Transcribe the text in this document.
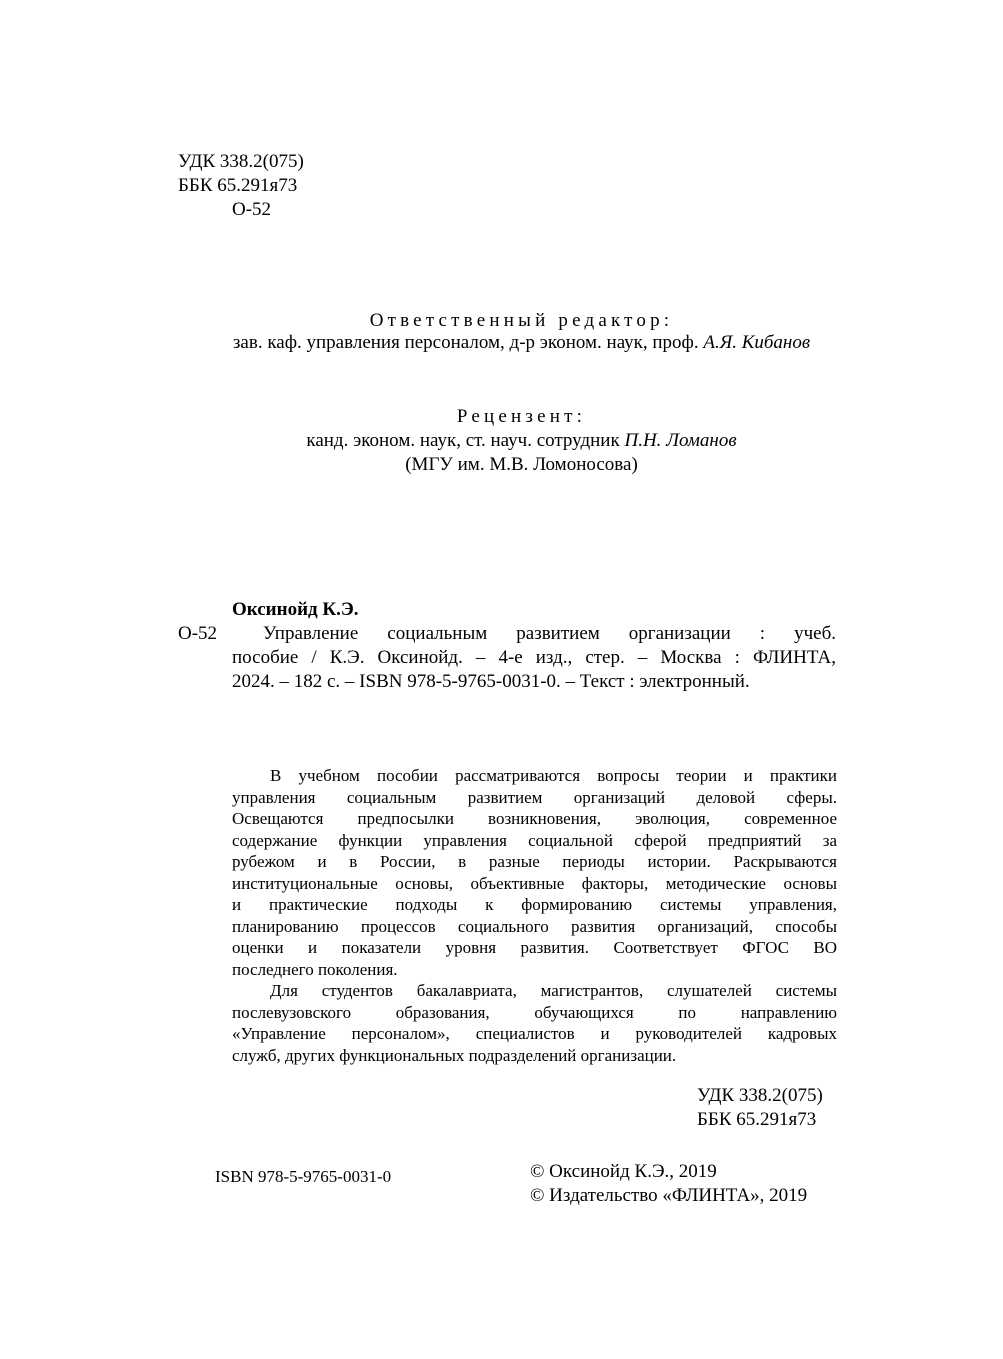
УДК 338.2(075)
ББК 65.291я73
О-52
Ответственный редактор:
зав. каф. управления персоналом, д-р эконом. наук, проф. А.Я. Кибанов
Рецензент:
канд. эконом. наук, ст. науч. сотрудник П.Н. Ломанов
(МГУ им. М.В. Ломоносова)
Оксинойд К.Э.
О-52 Управление социальным развитием организации : учеб.
пособие / К.Э. Оксинойд. – 4-е изд., стер. – Москва : ФЛИНТА,
2024. – 182 с. – ISBN 978-5-9765-0031-0. – Текст : электронный.
В учебном пособии рассматриваются вопросы теории и практики
управления социальным развитием организаций деловой сферы.
Освещаются предпосылки возникновения, эволюция, современное
содержание функции управления социальной сферой предприятий за
рубежом и в России, в разные периоды истории. Раскрываются
институциональные основы, объективные факторы, методические основы
и практические подходы к формированию системы управления,
планированию процессов социального развития организаций, способы
оценки и показатели уровня развития. Соответствует ФГОС ВО
последнего поколения.
Для студентов бакалавриата, магистрантов, слушателей системы
послевузовского образования, обучающихся по направлению
«Управление персоналом», специалистов и руководителей кадровых
служб, других функциональных подразделений организации.
УДК 338.2(075)
ББК 65.291я73
ISBN 978-5-9765-0031-0	© Оксинойд К.Э., 2019
© Издательство «ФЛИНТА», 2019
